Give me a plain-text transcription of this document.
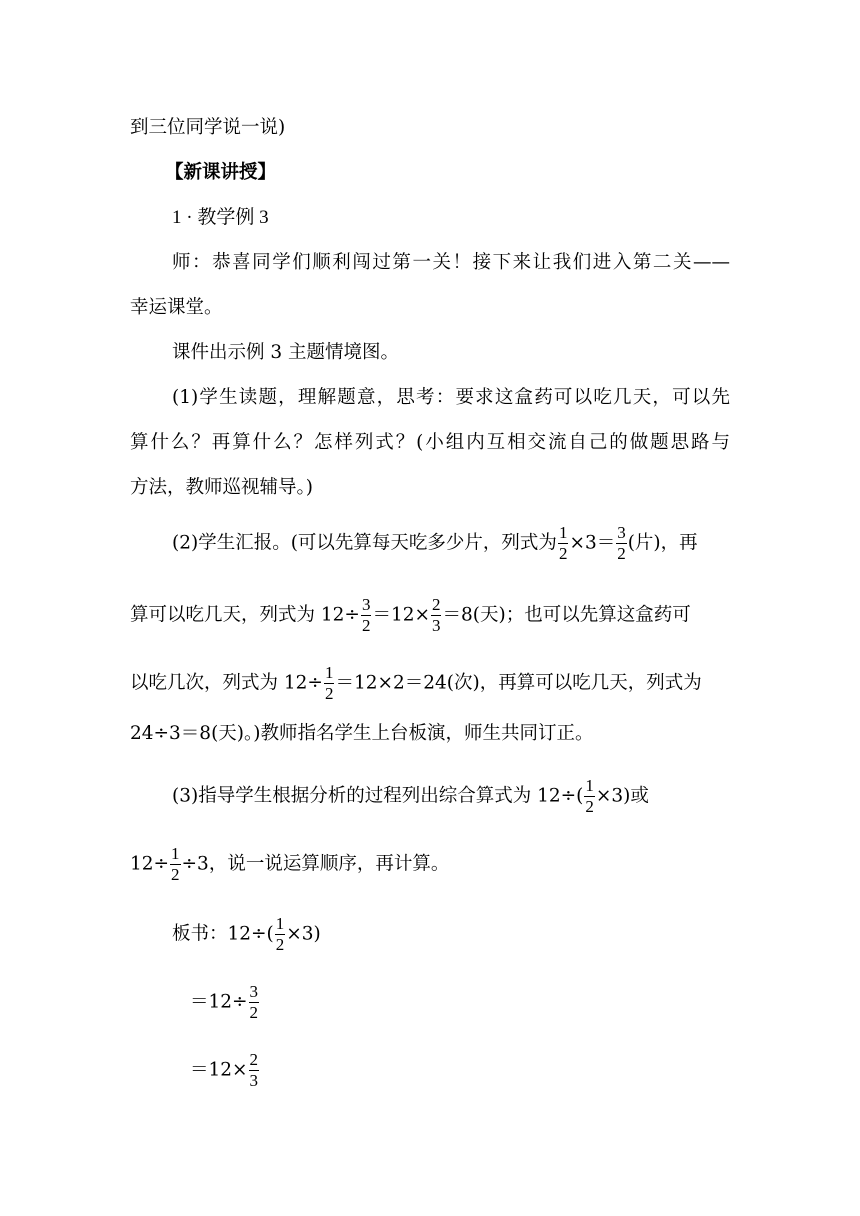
到三位同学说一说)
【新课讲授】
1 · 教学例 3
师：恭喜同学们顺利闯过第一关！接下来让我们进入第二关——
幸运课堂。
课件出示例 3 主题情境图。
(1)学生读题，理解题意，思考：要求这盒药可以吃几天，可以先
算什么？再算什么？怎样列式？(小组内互相交流自己的做题思路与
方法，教师巡视辅导。)
(2)学生汇报。(可以先算每天吃多少片，列式为 $\frac{1}{2} \times 3= \frac{3}{2}$ (片)，再
算可以吃几天，列式为 $12\div \frac{3}{2} =12\times \frac{2}{3} =8$(天)；也可以先算这盒药可
以吃几次，列式为 $12\div \frac{1}{2} =12\times 2=24$(次)，再算可以吃几天，列式为
24÷3＝8(天)。)教师指名学生上台板演，师生共同订正。
(3)指导学生根据分析的过程列出综合算式为 $12\div( \frac{1}{2} \times 3)$或
$12\div \frac{1}{2} \div 3$，说一说运算顺序，再计算。
板书：$12\div( \frac{1}{2} \times 3)$
$=12\div \frac{3}{2}$
$=12\times \frac{2}{3}$
